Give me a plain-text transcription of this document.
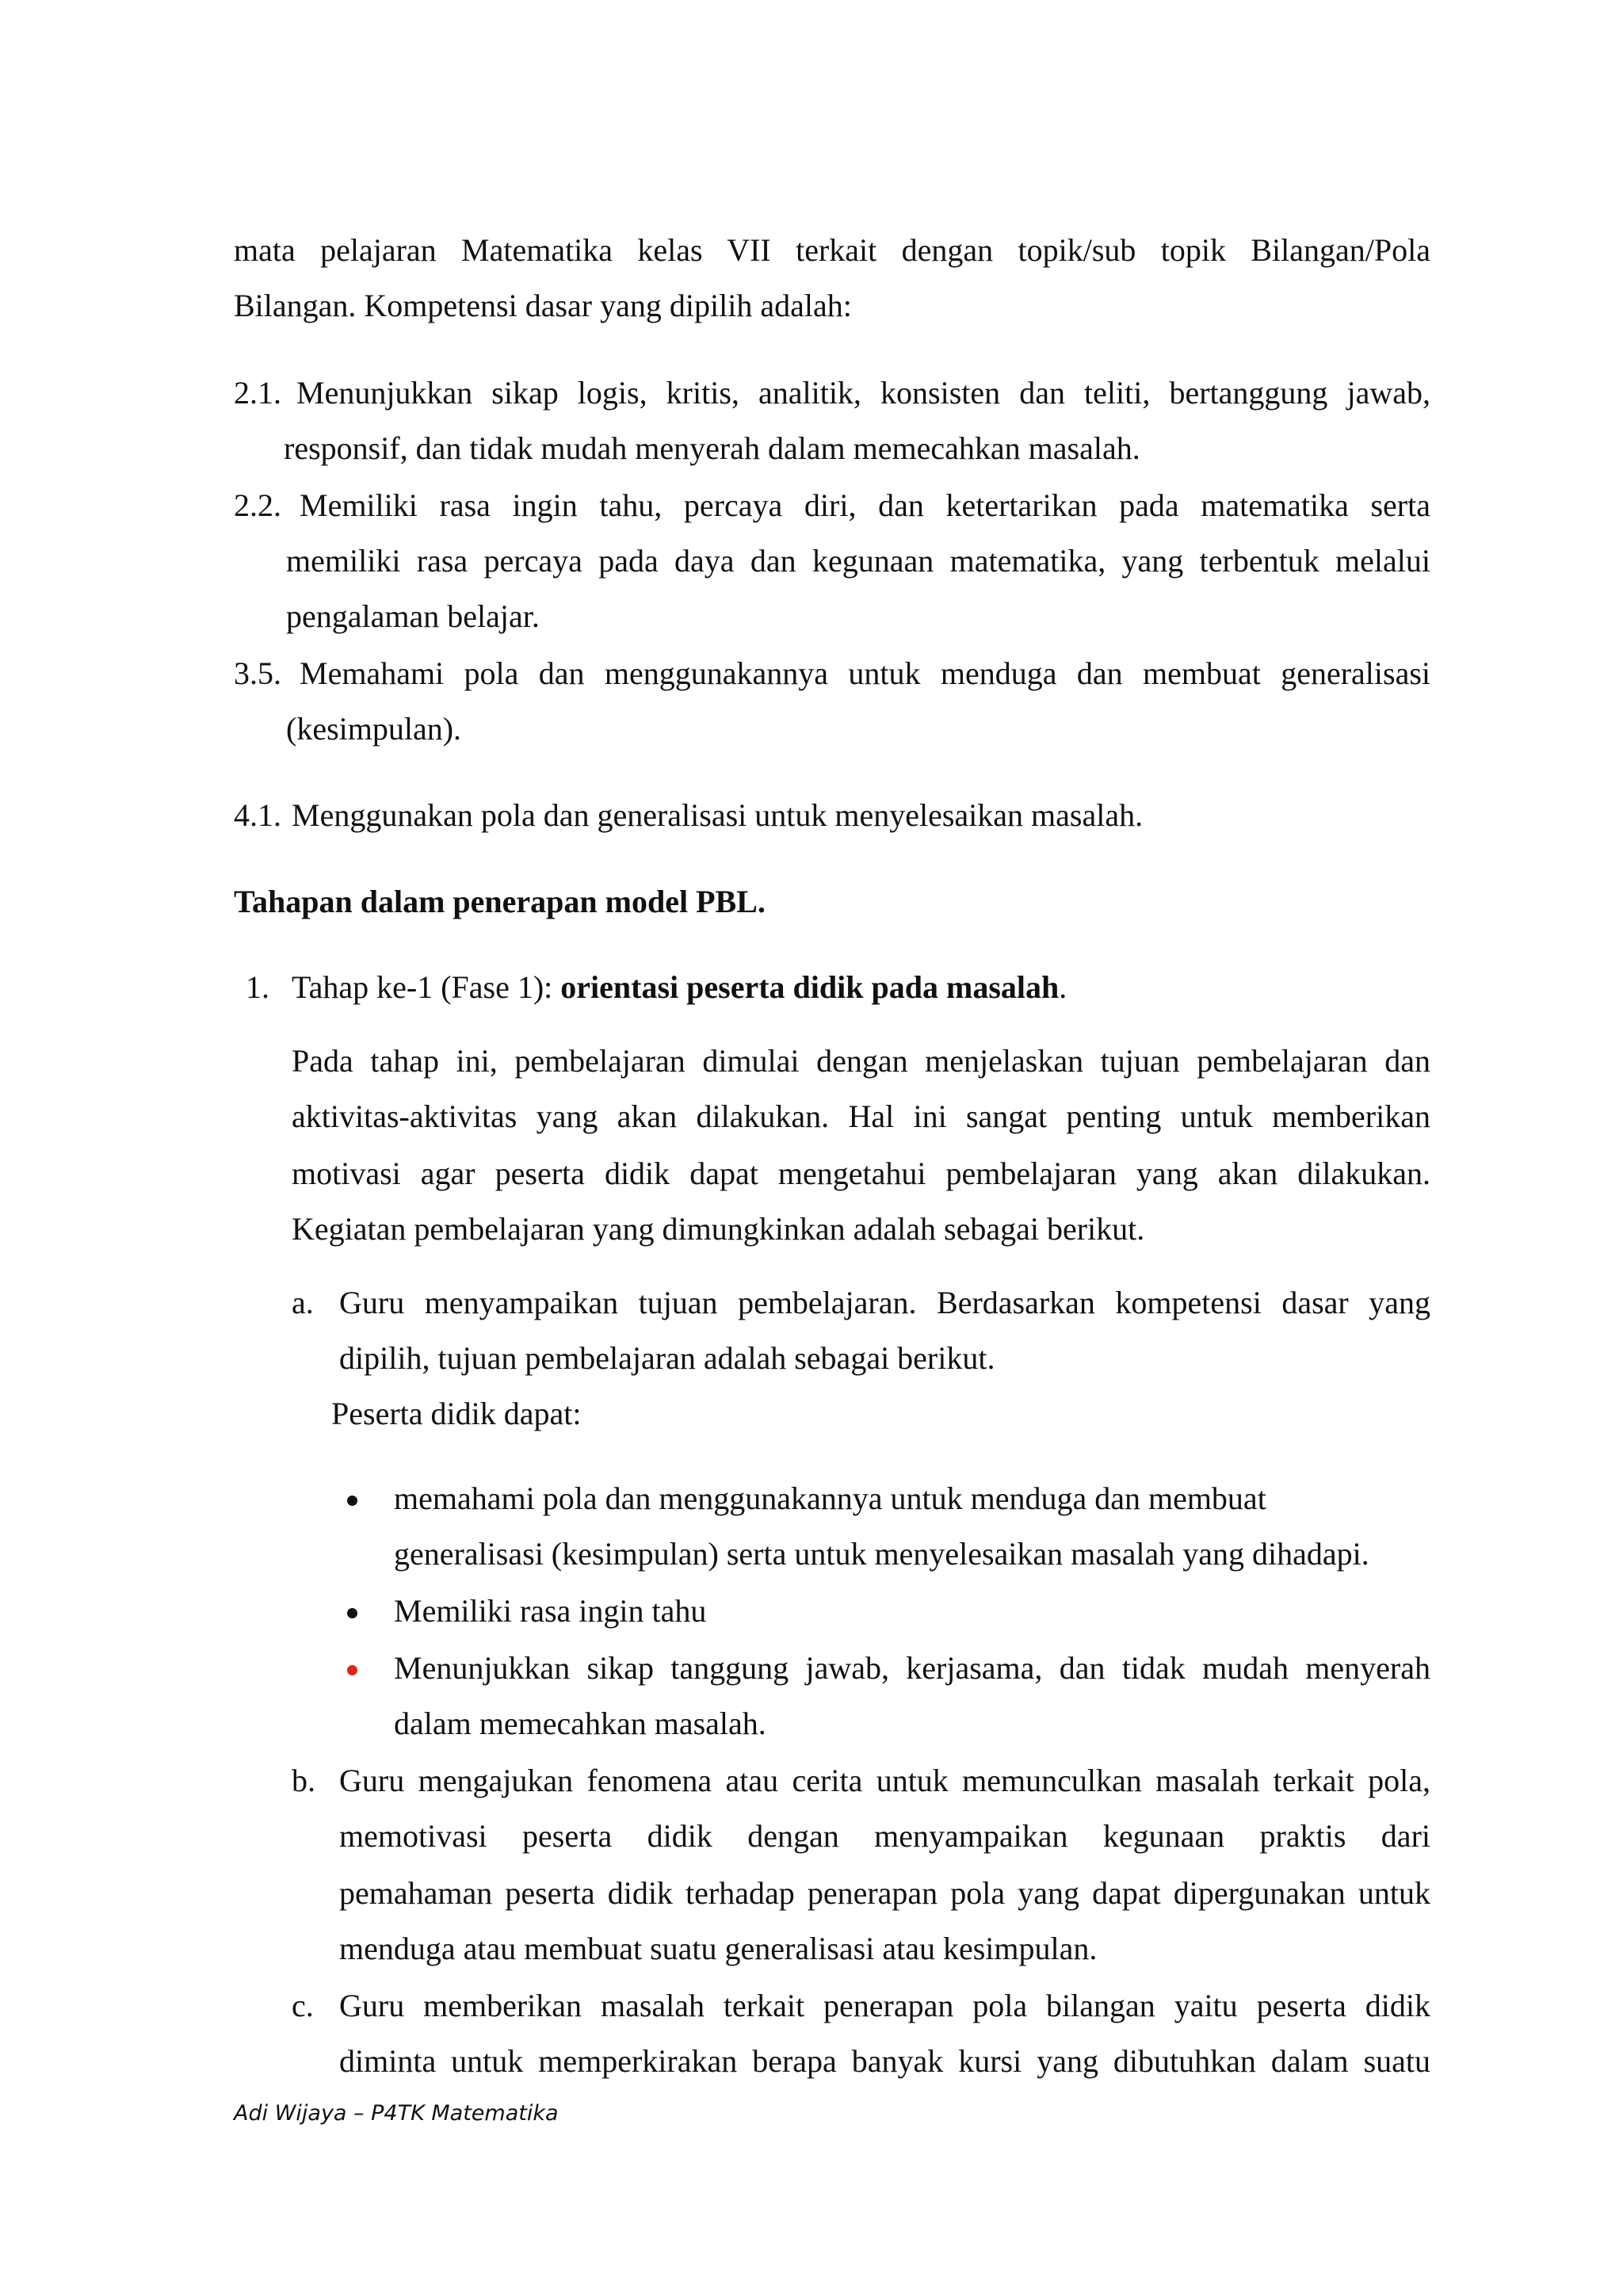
mata pelajaran Matematika kelas VII terkait dengan topik/sub topik Bilangan/Pola
Bilangan. Kompetensi dasar yang dipilih adalah:
2.1. Menunjukkan sikap logis, kritis, analitik, konsisten dan teliti, bertanggung jawab,
responsif, dan tidak mudah menyerah dalam memecahkan masalah.
2.2. Memiliki rasa ingin tahu, percaya diri, dan ketertarikan pada matematika serta
memiliki rasa percaya pada daya dan kegunaan matematika, yang terbentuk melalui
pengalaman belajar.
3.5. Memahami pola dan menggunakannya untuk menduga dan membuat generalisasi
(kesimpulan).
4.1. Menggunakan pola dan generalisasi untuk menyelesaikan masalah.
Tahapan dalam penerapan model PBL.
1. Tahap ke-1 (Fase 1): orientasi peserta didik pada masalah.
Pada tahap ini, pembelajaran dimulai dengan menjelaskan tujuan pembelajaran dan
aktivitas-aktivitas yang akan dilakukan. Hal ini sangat penting untuk memberikan
motivasi agar peserta didik dapat mengetahui pembelajaran yang akan dilakukan.
Kegiatan pembelajaran yang dimungkinkan adalah sebagai berikut.
a. Guru menyampaikan tujuan pembelajaran. Berdasarkan kompetensi dasar yang
dipilih, tujuan pembelajaran adalah sebagai berikut.
Peserta didik dapat:
memahami pola dan menggunakannya untuk menduga dan membuat
generalisasi (kesimpulan) serta untuk menyelesaikan masalah yang dihadapi.
Memiliki rasa ingin tahu
Menunjukkan sikap tanggung jawab, kerjasama, dan tidak mudah menyerah
dalam memecahkan masalah.
b. Guru mengajukan fenomena atau cerita untuk memunculkan masalah terkait pola,
memotivasi peserta didik dengan menyampaikan kegunaan praktis dari
pemahaman peserta didik terhadap penerapan pola yang dapat dipergunakan untuk
menduga atau membuat suatu generalisasi atau kesimpulan.
c. Guru memberikan masalah terkait penerapan pola bilangan yaitu peserta didik
diminta untuk memperkirakan berapa banyak kursi yang dibutuhkan dalam suatu
Adi Wijaya – P4TK Matematika
